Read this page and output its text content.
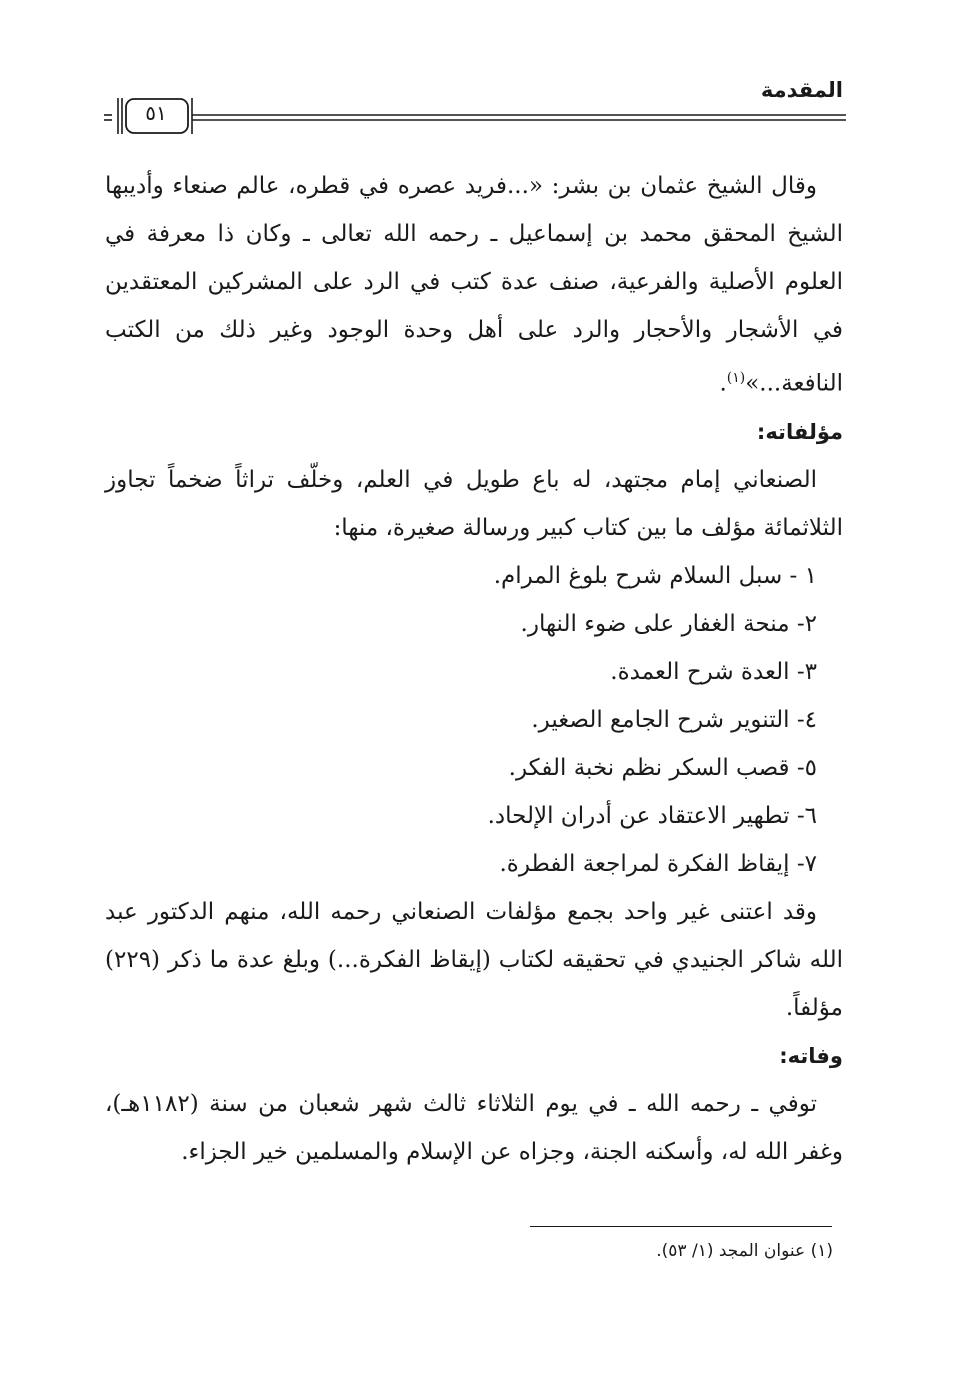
المقدمة
٥١

وقال الشيخ عثمان بن بشر: «...فريد عصره في قطره، عالم صنعاء وأديبها الشيخ المحقق محمد بن إسماعيل ـ رحمه الله تعالى ـ وكان ذا معرفة في العلوم الأصلية والفرعية، صنف عدة كتب في الرد على المشركين المعتقدين في الأشجار والأحجار والرد على أهل وحدة الوجود وغير ذلك من الكتب النافعة...»$^{(١)}$.

مؤلفاته:

الصنعاني إمام مجتهد، له باع طويل في العلم، وخلّف تراثاً ضخماً تجاوز الثلاثمائة مؤلف ما بين كتاب كبير ورسالة صغيرة، منها:

١ - سبل السلام شرح بلوغ المرام.

٢- منحة الغفار على ضوء النهار.

٣- العدة شرح العمدة.

٤- التنوير شرح الجامع الصغير.

٥- قصب السكر نظم نخبة الفكر.

٦- تطهير الاعتقاد عن أدران الإلحاد.

٧- إيقاظ الفكرة لمراجعة الفطرة.

وقد اعتنى غير واحد بجمع مؤلفات الصنعاني رحمه الله، منهم الدكتور عبد الله شاكر الجنيدي في تحقيقه لكتاب (إيقاظ الفكرة...) وبلغ عدة ما ذكر (٢٢٩) مؤلفاً.

وفاته:

توفي ـ رحمه الله ـ في يوم الثلاثاء ثالث شهر شعبان من سنة (١١٨٢هـ)، وغفر الله له، وأسكنه الجنة، وجزاه عن الإسلام والمسلمين خير الجزاء.

(١) عنوان المجد (١/ ٥٣).
